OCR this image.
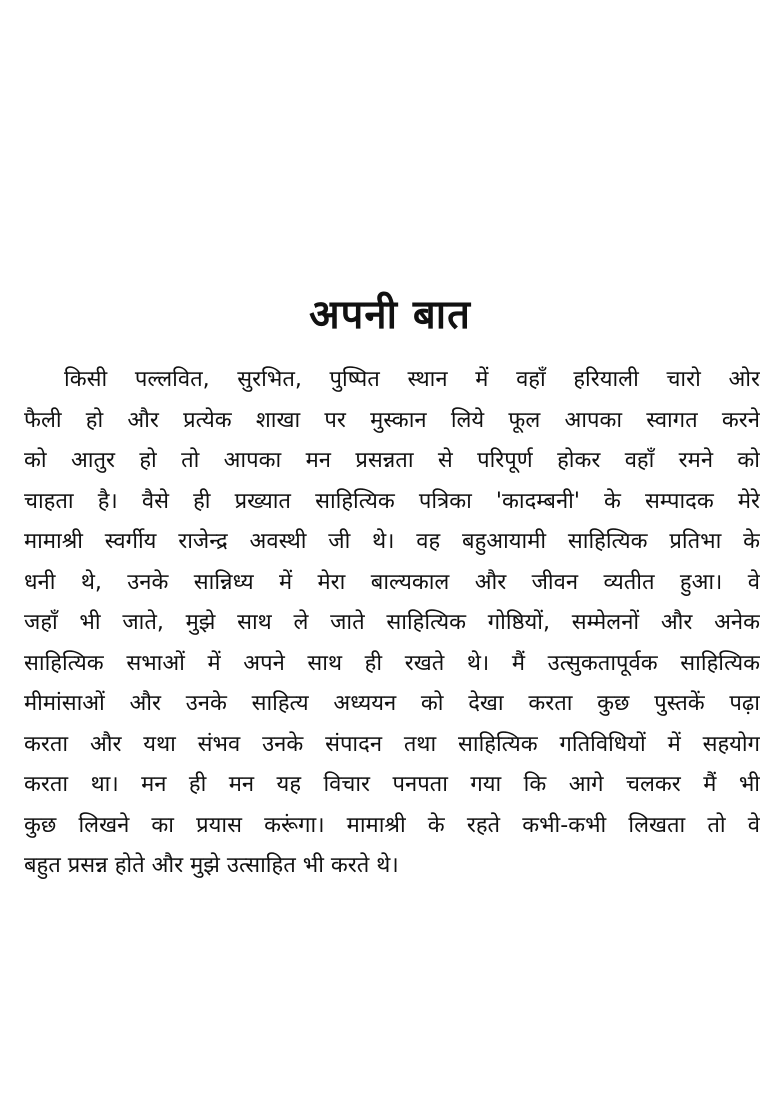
अपनी बात
किसी पल्लवित, सुरभित, पुष्पित स्थान में वहाँ हरियाली चारो ओर
फैली हो और प्रत्येक शाखा पर मुस्कान लिये फूल आपका स्वागत करने
को आतुर हो तो आपका मन प्रसन्नता से परिपूर्ण होकर वहाँ रमने को
चाहता है। वैसे ही प्रख्यात साहित्यिक पत्रिका 'कादम्बनी' के सम्पादक मेरे
मामाश्री स्वर्गीय राजेन्द्र अवस्थी जी थे। वह बहुआयामी साहित्यिक प्रतिभा के
धनी थे, उनके सान्निध्य में मेरा बाल्यकाल और जीवन व्यतीत हुआ। वे
जहाँ भी जाते, मुझे साथ ले जाते साहित्यिक गोष्ठियों, सम्मेलनों और अनेक
साहित्यिक सभाओं में अपने साथ ही रखते थे। मैं उत्सुकतापूर्वक साहित्यिक
मीमांसाओं और उनके साहित्य अध्ययन को देखा करता कुछ पुस्तकें पढ़ा
करता और यथा संभव उनके संपादन तथा साहित्यिक गतिविधियों में सहयोग
करता था। मन ही मन यह विचार पनपता गया कि आगे चलकर मैं भी
कुछ लिखने का प्रयास करूंगा। मामाश्री के रहते कभी-कभी लिखता तो वे
बहुत प्रसन्न होते और मुझे उत्साहित भी करते थे।
